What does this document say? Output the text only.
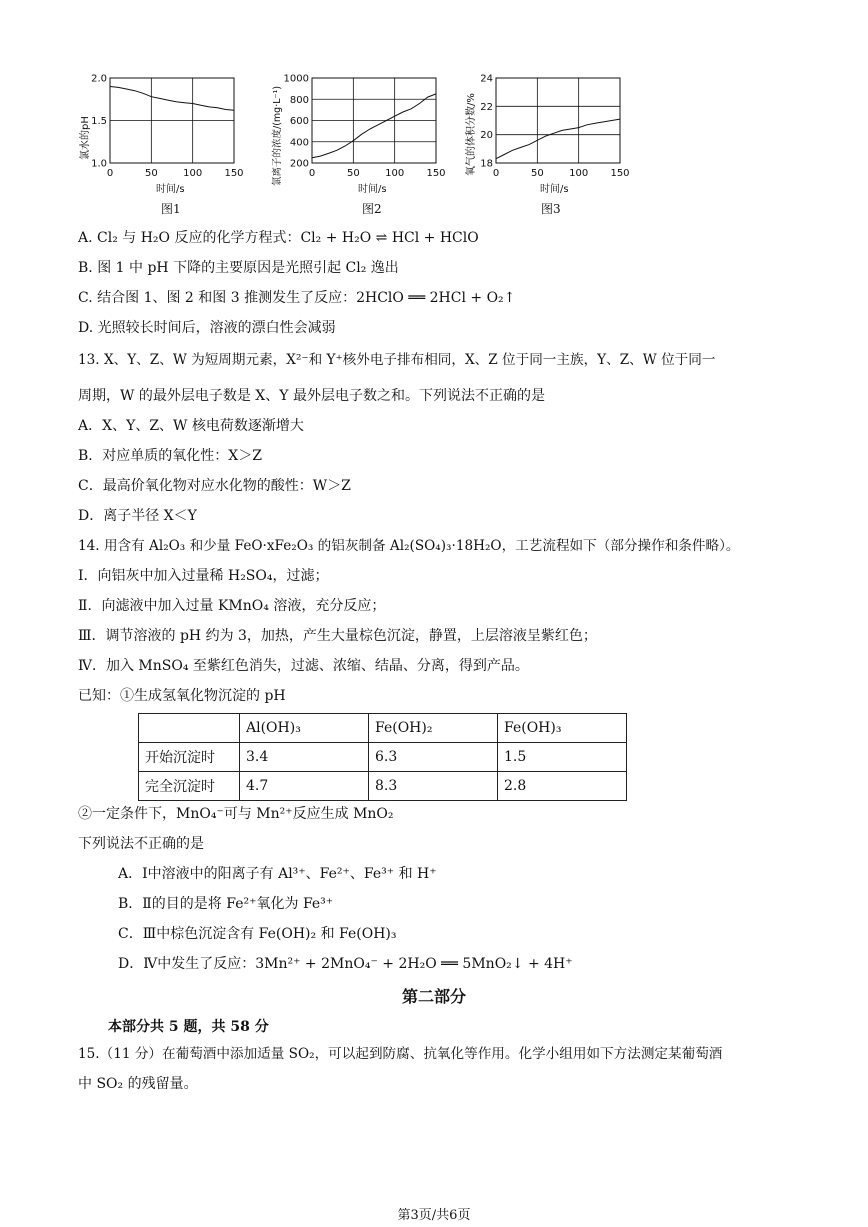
氯水的pH
2.0
1.5
1.0
0	50	100 150
时间/s
图1
氯离子的浓度/(mg·L⁻¹)
1000
800
600
400
200
0	50	100 150
时间/s
图2
氧气的体积分数/%
24
22
20
18
0	50	100 150
时间/s
图3
A. Cl₂ 与 H₂O 反应的化学方程式：Cl₂ + H₂O ⇌ HCl + HClO
B. 图 1 中 pH 下降的主要原因是光照引起 Cl₂ 逸出
C. 结合图 1、图 2 和图 3 推测发生了反应：2HClO ══ 2HCl + O₂↑
D. 光照较长时间后，溶液的漂白性会减弱
13. X、Y、Z、W 为短周期元素，X²⁻和 Y⁺核外电子排布相同，X、Z 位于同一主族，Y、Z、W 位于同一
周期，W 的最外层电子数是 X、Y 最外层电子数之和。下列说法不正确的是
A．X、Y、Z、W 核电荷数逐渐增大
B．对应单质的氧化性：X＞Z
C．最高价氧化物对应水化物的酸性：W＞Z
D．离子半径 X＜Y
14. 用含有 Al₂O₃ 和少量 FeO·xFe₂O₃ 的铝灰制备 Al₂(SO₄)₃·18H₂O，工艺流程如下（部分操作和条件略）。
Ⅰ．向铝灰中加入过量稀 H₂SO₄，过滤；
Ⅱ．向滤液中加入过量 KMnO₄ 溶液，充分反应；
Ⅲ．调节溶液的 pH 约为 3，加热，产生大量棕色沉淀，静置，上层溶液呈紫红色；
Ⅳ．加入 MnSO₄ 至紫红色消失，过滤、浓缩、结晶、分离，得到产品。
已知：①生成氢氧化物沉淀的 pH
	Al(OH)₃	Fe(OH)₂	Fe(OH)₃
开始沉淀时	3.4	6.3	1.5
完全沉淀时	4.7	8.3	2.8
②一定条件下，MnO₄⁻可与 Mn²⁺反应生成 MnO₂
下列说法不正确的是
A．Ⅰ中溶液中的阳离子有 Al³⁺、Fe²⁺、Fe³⁺ 和 H⁺
B．Ⅱ的目的是将 Fe²⁺氧化为 Fe³⁺
C．Ⅲ中棕色沉淀含有 Fe(OH)₂ 和 Fe(OH)₃
D．Ⅳ中发生了反应：3Mn²⁺ + 2MnO₄⁻ + 2H₂O ══ 5MnO₂↓ + 4H⁺
第二部分
本部分共 5 题，共 58 分
15.（11 分）在葡萄酒中添加适量 SO₂，可以起到防腐、抗氧化等作用。化学小组用如下方法测定某葡萄酒
中 SO₂ 的残留量。
第3页/共6页
